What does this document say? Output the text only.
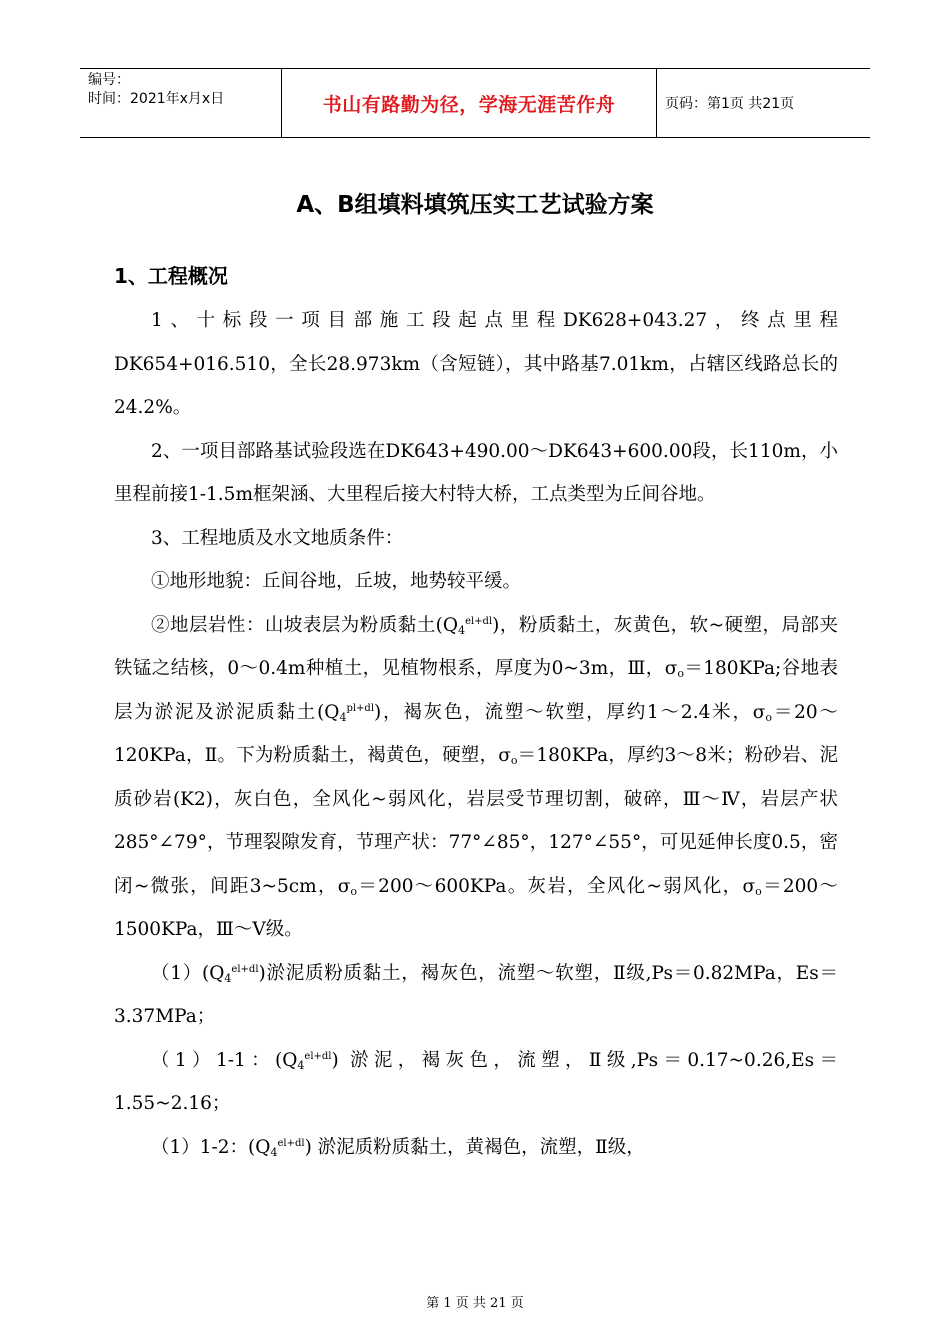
编号：
时间：2021年x月x日	书山有路勤为径，学海无涯苦作舟	页码：第1页 共21页
A、B组填料填筑压实工艺试验方案
1、工程概况

1、十标段一项目部施工段起点里程DK628+043.27，终点里程DK654+016.510，全长28.973km（含短链），其中路基7.01km，占辖区线路总长的24.2%。

2、一项目部路基试验段选在DK643+490.00～DK643+600.00段，长110m，小里程前接1-1.5m框架涵、大里程后接大村特大桥，工点类型为丘间谷地。

3、工程地质及水文地质条件：

①地形地貌：丘间谷地，丘坡，地势较平缓。

②地层岩性：山坡表层为粉质黏土$(Q_4^{el+dl})$，粉质黏土，灰黄色，软~硬塑，局部夹铁锰之结核，0～0.4m种植土，见植物根系，厚度为0~3m，Ⅲ，$\sigma_o=180KPa$;谷地表层为淤泥及淤泥质黏土$(Q_4^{pl+dl})$，褐灰色，流塑～软塑，厚约1～2.4米，$\sigma_o=20\sim 120KPa$，Ⅱ。下为粉质黏土，褐黄色，硬塑，$\sigma_o=180KPa$，厚约3～8米；粉砂岩、泥质砂岩(K2)，灰白色，全风化~弱风化，岩层受节理切割，破碎，Ⅲ～Ⅳ，岩层产状285°∠79°，节理裂隙发育，节理产状：77°∠85°，127°∠55°，可见延伸长度0.5，密闭~微张，间距3~5cm，$\sigma_o=200\sim 600KPa$。灰岩，全风化~弱风化，$\sigma_o=200\sim 1500KPa$，Ⅲ～Ⅴ级。

$(1)(Q_4^{el+dl})$淤泥质粉质黏土，褐灰色，流塑～软塑，Ⅱ级,Ps＝0.82MPa，Es＝3.37MPa；

（1）1-1：$(Q_4^{el+dl})$ 淤泥，褐灰色，流塑，Ⅱ级,Ps＝0.17~0.26,Es＝1.55~2.16；

（1）1-2：$(Q_4^{el+dl})$ 淤泥质粉质黏土，黄褐色，流塑，Ⅱ级，

第 1 页 共 21 页
